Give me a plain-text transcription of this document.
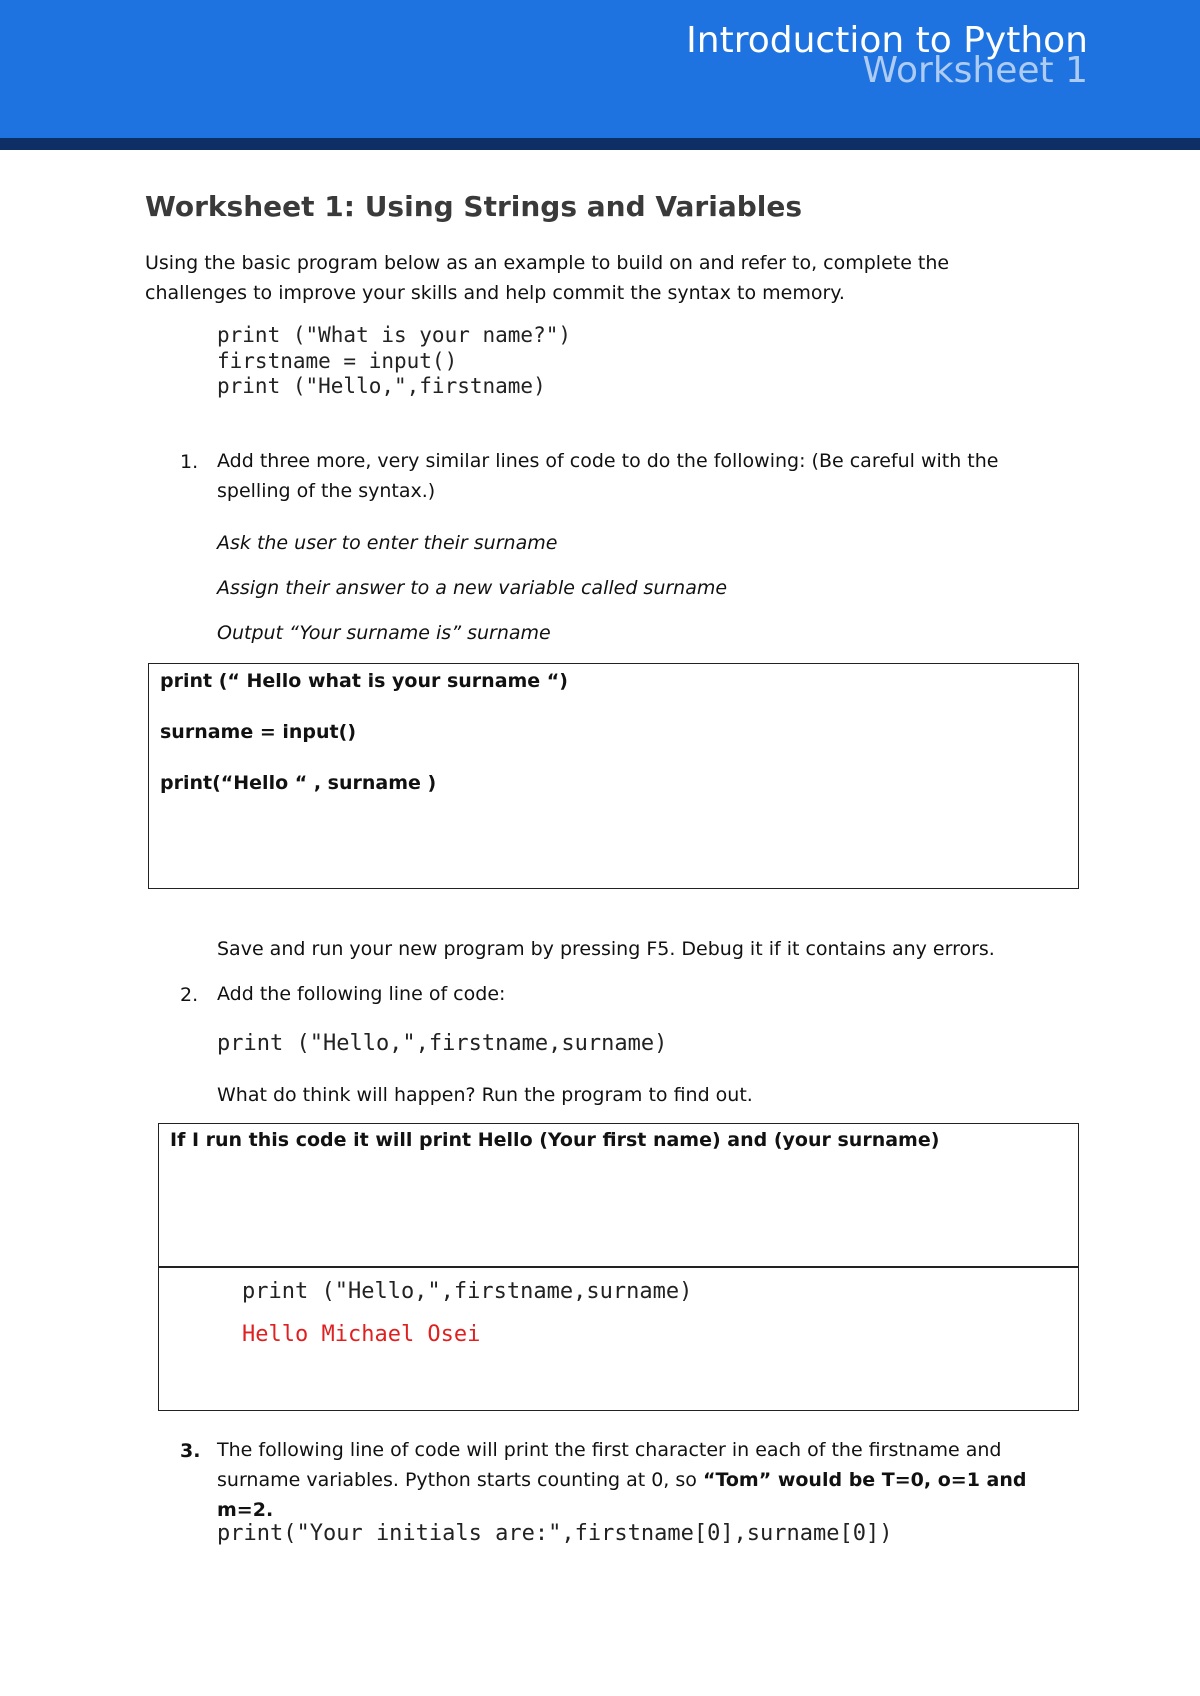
Worksheet 1
Introduction to Python
Worksheet 1: Using Strings and Variables
Using the basic program below as an example to build on and refer to, complete the challenges to improve your skills and help commit the syntax to memory.
print ("What is your name?")
firstname = input()
print ("Hello,",firstname)
1. Add three more, very similar lines of code to do the following: (Be careful with the spelling of the syntax.)
Ask the user to enter their surname
Assign their answer to a new variable called surname
Output “Your surname is” surname
print (“ Hello what is your surname “)
surname = input()
print(“Hello “ , surname )
Save and run your new program by pressing F5. Debug it if it contains any errors.
2. Add the following line of code:
print ("Hello,",firstname,surname)
What do think will happen? Run the program to find out.
If I run this code it will print Hello (Your first name) and (your surname)
print ("Hello,",firstname,surname)
Hello Michael Osei
3. The following line of code will print the first character in each of the firstname and surname variables. Python starts counting at 0, so “Tom” would be T=0, o=1 and m=2.
print("Your initials are:",firstname[0],surname[0])
